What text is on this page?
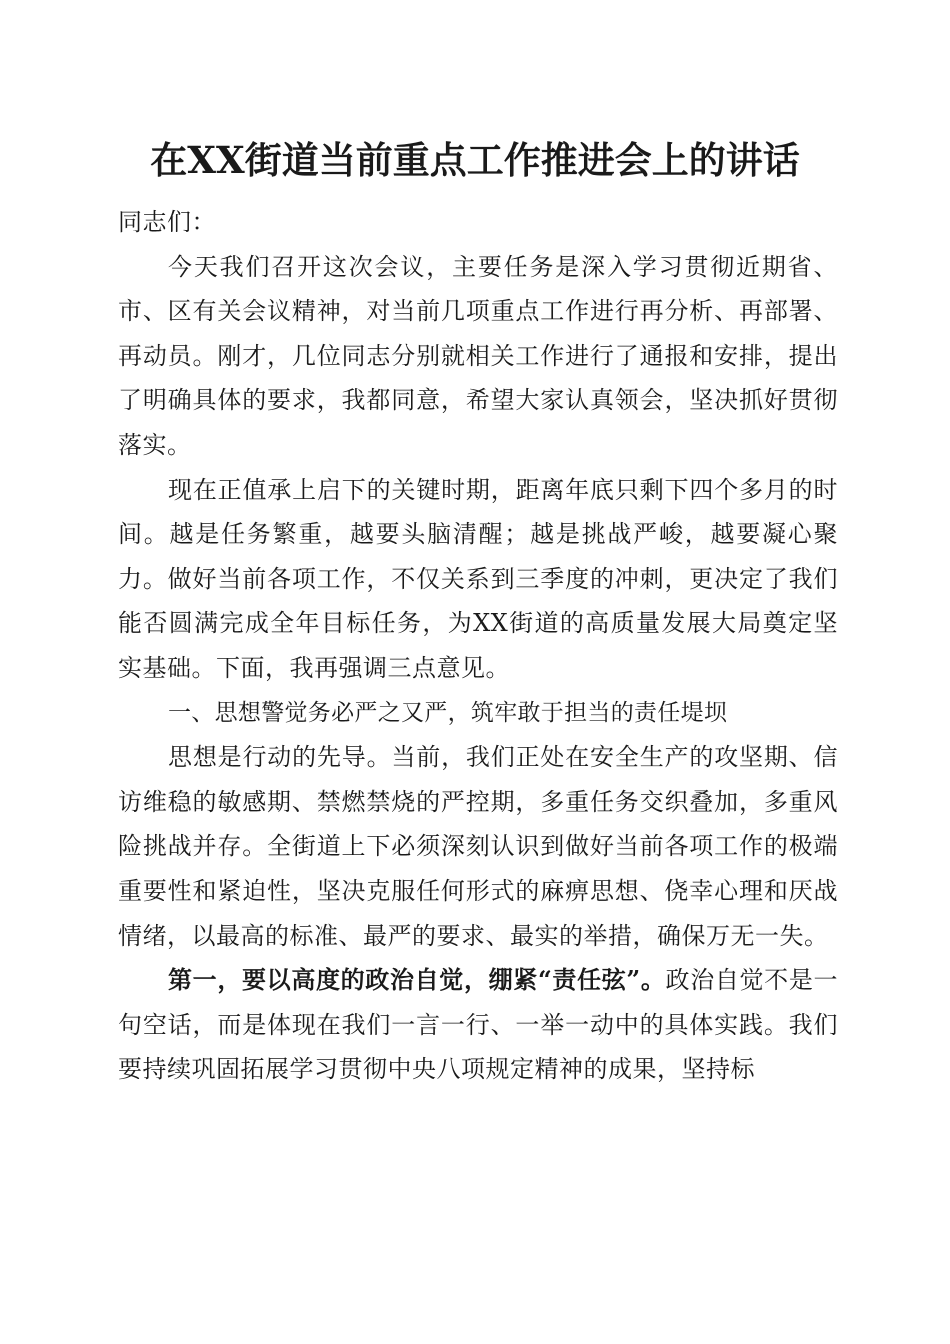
在XX街道当前重点工作推进会上的讲话

同志们：

今天我们召开这次会议，主要任务是深入学习贯彻近期省、市、区有关会议精神，对当前几项重点工作进行再分析、再部署、再动员。刚才，几位同志分别就相关工作进行了通报和安排，提出了明确具体的要求，我都同意，希望大家认真领会，坚决抓好贯彻落实。

现在正值承上启下的关键时期，距离年底只剩下四个多月的时间。越是任务繁重，越要头脑清醒；越是挑战严峻，越要凝心聚力。做好当前各项工作，不仅关系到三季度的冲刺，更决定了我们能否圆满完成全年目标任务，为XX街道的高质量发展大局奠定坚实基础。下面，我再强调三点意见。

一、思想警觉务必严之又严，筑牢敢于担当的责任堤坝

思想是行动的先导。当前，我们正处在安全生产的攻坚期、信访维稳的敏感期、禁燃禁烧的严控期，多重任务交织叠加，多重风险挑战并存。全街道上下必须深刻认识到做好当前各项工作的极端重要性和紧迫性，坚决克服任何形式的麻痹思想、侥幸心理和厌战情绪，以最高的标准、最严的要求、最实的举措，确保万无一失。

第一，要以高度的政治自觉，绷紧“责任弦”。政治自觉不是一句空话，而是体现在我们一言一行、一举一动中的具体实践。我们要持续巩固拓展学习贯彻中央八项规定精神的成果，坚持标
